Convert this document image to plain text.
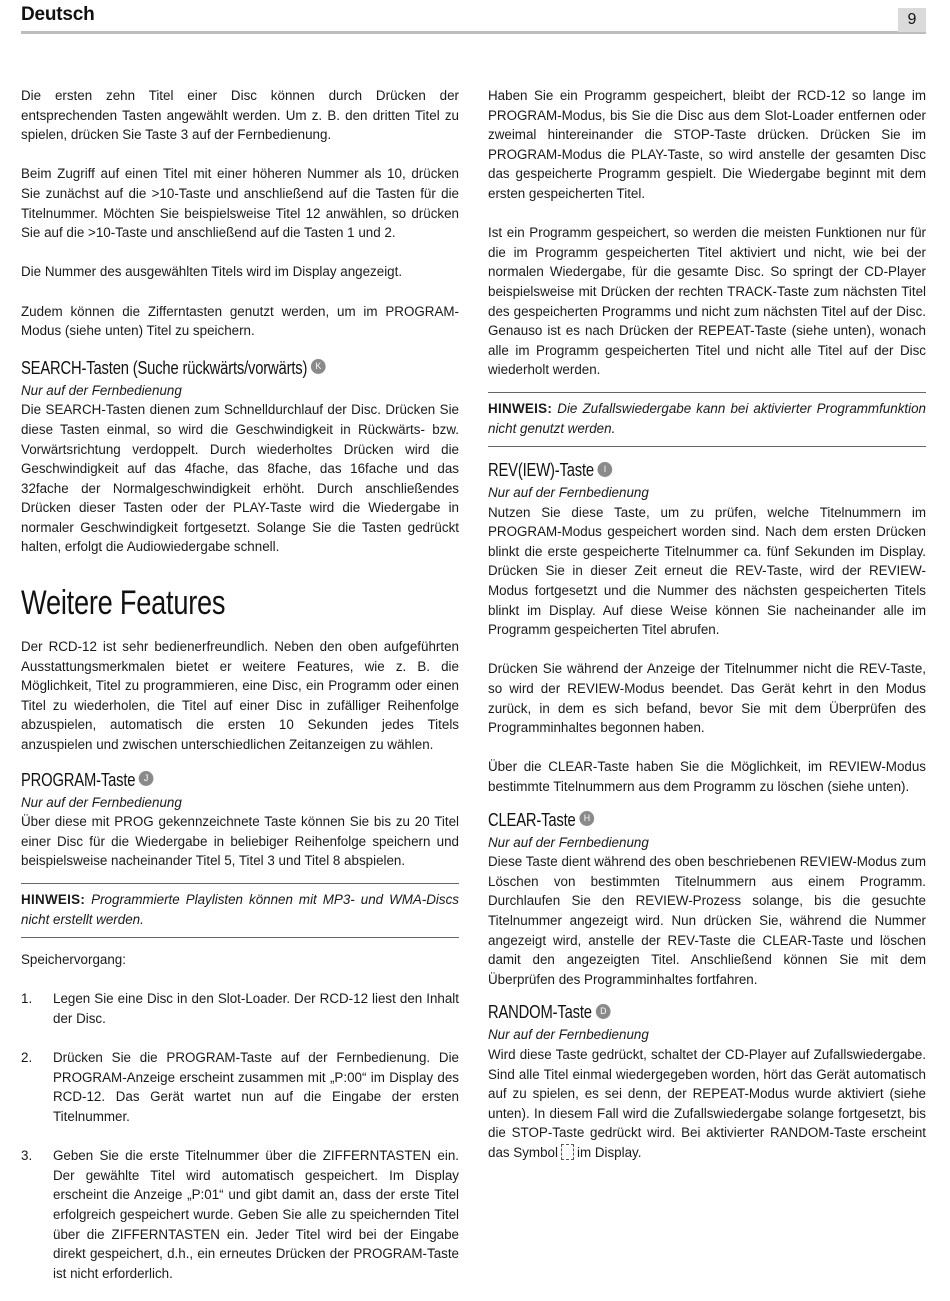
Deutsch	9

Die ersten zehn Titel einer Disc können durch Drücken der entsprechenden Tasten angewählt werden. Um z. B. den dritten Titel zu spielen, drücken Sie Taste 3 auf der Fernbedienung.

Beim Zugriff auf einen Titel mit einer höheren Nummer als 10, drücken Sie zunächst auf die >10-Taste und anschließend auf die Tasten für die Titelnummer. Möchten Sie beispielsweise Titel 12 anwählen, so drücken Sie auf die >10-Taste und anschließend auf die Tasten 1 und 2.

Die Nummer des ausgewählten Titels wird im Display angezeigt.

Zudem können die Zifferntasten genutzt werden, um im PROGRAM-Modus (siehe unten) Titel zu speichern.

SEARCH-Tasten (Suche rückwärts/vorwärts) K

Nur auf der Fernbedienung

Die SEARCH-Tasten dienen zum Schnelldurchlauf der Disc. Drücken Sie diese Tasten einmal, so wird die Geschwindigkeit in Rückwärts- bzw. Vorwärtsrichtung verdoppelt. Durch wiederholtes Drücken wird die Geschwindigkeit auf das 4fache, das 8fache, das 16fache und das 32fache der Normalgeschwindigkeit erhöht. Durch anschließendes Drücken dieser Tasten oder der PLAY-Taste wird die Wiedergabe in normaler Geschwindigkeit fortgesetzt. Solange Sie die Tasten gedrückt halten, erfolgt die Audiowiedergabe schnell.

Weitere Features

Der RCD-12 ist sehr bedienerfreundlich. Neben den oben aufgeführten Ausstattungsmerkmalen bietet er weitere Features, wie z. B. die Möglichkeit, Titel zu programmieren, eine Disc, ein Programm oder einen Titel zu wiederholen, die Titel auf einer Disc in zufälliger Reihenfolge abzuspielen, automatisch die ersten 10 Sekunden jedes Titels anzuspielen und zwischen unterschiedlichen Zeitanzeigen zu wählen.

PROGRAM-Taste J

Nur auf der Fernbedienung

Über diese mit PROG gekennzeichnete Taste können Sie bis zu 20 Titel einer Disc für die Wiedergabe in beliebiger Reihenfolge speichern und beispielsweise nacheinander Titel 5, Titel 3 und Titel 8 abspielen.

HINWEIS: Programmierte Playlisten können mit MP3- und WMA-Discs nicht erstellt werden.

Speichervorgang:

1.	Legen Sie eine Disc in den Slot-Loader. Der RCD-12 liest den Inhalt der Disc.
2.	Drücken Sie die PROGRAM-Taste auf der Fernbedienung. Die PROGRAM-Anzeige erscheint zusammen mit „P:00“ im Display des RCD-12. Das Gerät wartet nun auf die Eingabe der ersten Titelnummer.
3.	Geben Sie die erste Titelnummer über die ZIFFERNTASTEN ein. Der gewählte Titel wird automatisch gespeichert. Im Display erscheint die Anzeige „P:01“ und gibt damit an, dass der erste Titel erfolgreich gespeichert wurde. Geben Sie alle zu speichernden Titel über die ZIFFERNTASTEN ein. Jeder Titel wird bei der Eingabe direkt gespeichert, d.h., ein erneutes Drücken der PROGRAM-Taste ist nicht erforderlich.

Haben Sie ein Programm gespeichert, bleibt der RCD-12 so lange im PROGRAM-Modus, bis Sie die Disc aus dem Slot-Loader entfernen oder zweimal hintereinander die STOP-Taste drücken. Drücken Sie im PROGRAM-Modus die PLAY-Taste, so wird anstelle der gesamten Disc das gespeicherte Programm gespielt. Die Wiedergabe beginnt mit dem ersten gespeicherten Titel.

Ist ein Programm gespeichert, so werden die meisten Funktionen nur für die im Programm gespeicherten Titel aktiviert und nicht, wie bei der normalen Wiedergabe, für die gesamte Disc. So springt der CD-Player beispielsweise mit Drücken der rechten TRACK-Taste zum nächsten Titel des gespeicherten Programms und nicht zum nächsten Titel auf der Disc. Genauso ist es nach Drücken der REPEAT-Taste (siehe unten), wonach alle im Programm gespeicherten Titel und nicht alle Titel auf der Disc wiederholt werden.

HINWEIS: Die Zufallswiedergabe kann bei aktivierter Programmfunktion nicht genutzt werden.

REV(IEW)-Taste I

Nur auf der Fernbedienung

Nutzen Sie diese Taste, um zu prüfen, welche Titelnummern im PROGRAM-Modus gespeichert worden sind. Nach dem ersten Drücken blinkt die erste gespeicherte Titelnummer ca. fünf Sekunden im Display. Drücken Sie in dieser Zeit erneut die REV-Taste, wird der REVIEW-Modus fortgesetzt und die Nummer des nächsten gespeicherten Titels blinkt im Display. Auf diese Weise können Sie nacheinander alle im Programm gespeicherten Titel abrufen.

Drücken Sie während der Anzeige der Titelnummer nicht die REV-Taste, so wird der REVIEW-Modus beendet. Das Gerät kehrt in den Modus zurück, in dem es sich befand, bevor Sie mit dem Überprüfen des Programminhaltes begonnen haben.

Über die CLEAR-Taste haben Sie die Möglichkeit, im REVIEW-Modus bestimmte Titelnummern aus dem Programm zu löschen (siehe unten).

CLEAR-Taste H

Nur auf der Fernbedienung

Diese Taste dient während des oben beschriebenen REVIEW-Modus zum Löschen von bestimmten Titelnummern aus einem Programm. Durchlaufen Sie den REVIEW-Prozess solange, bis die gesuchte Titelnummer angezeigt wird. Nun drücken Sie, während die Nummer angezeigt wird, anstelle der REV-Taste die CLEAR-Taste und löschen damit den angezeigten Titel. Anschließend können Sie mit dem Überprüfen des Programminhaltes fortfahren.

RANDOM-Taste D

Nur auf der Fernbedienung

Wird diese Taste gedrückt, schaltet der CD-Player auf Zufallswiedergabe. Sind alle Titel einmal wiedergegeben worden, hört das Gerät automatisch auf zu spielen, es sei denn, der REPEAT-Modus wurde aktiviert (siehe unten). In diesem Fall wird die Zufallswiedergabe solange fortgesetzt, bis die STOP-Taste gedrückt wird. Bei aktivierter RANDOM-Taste erscheint das Symbol im Display.
